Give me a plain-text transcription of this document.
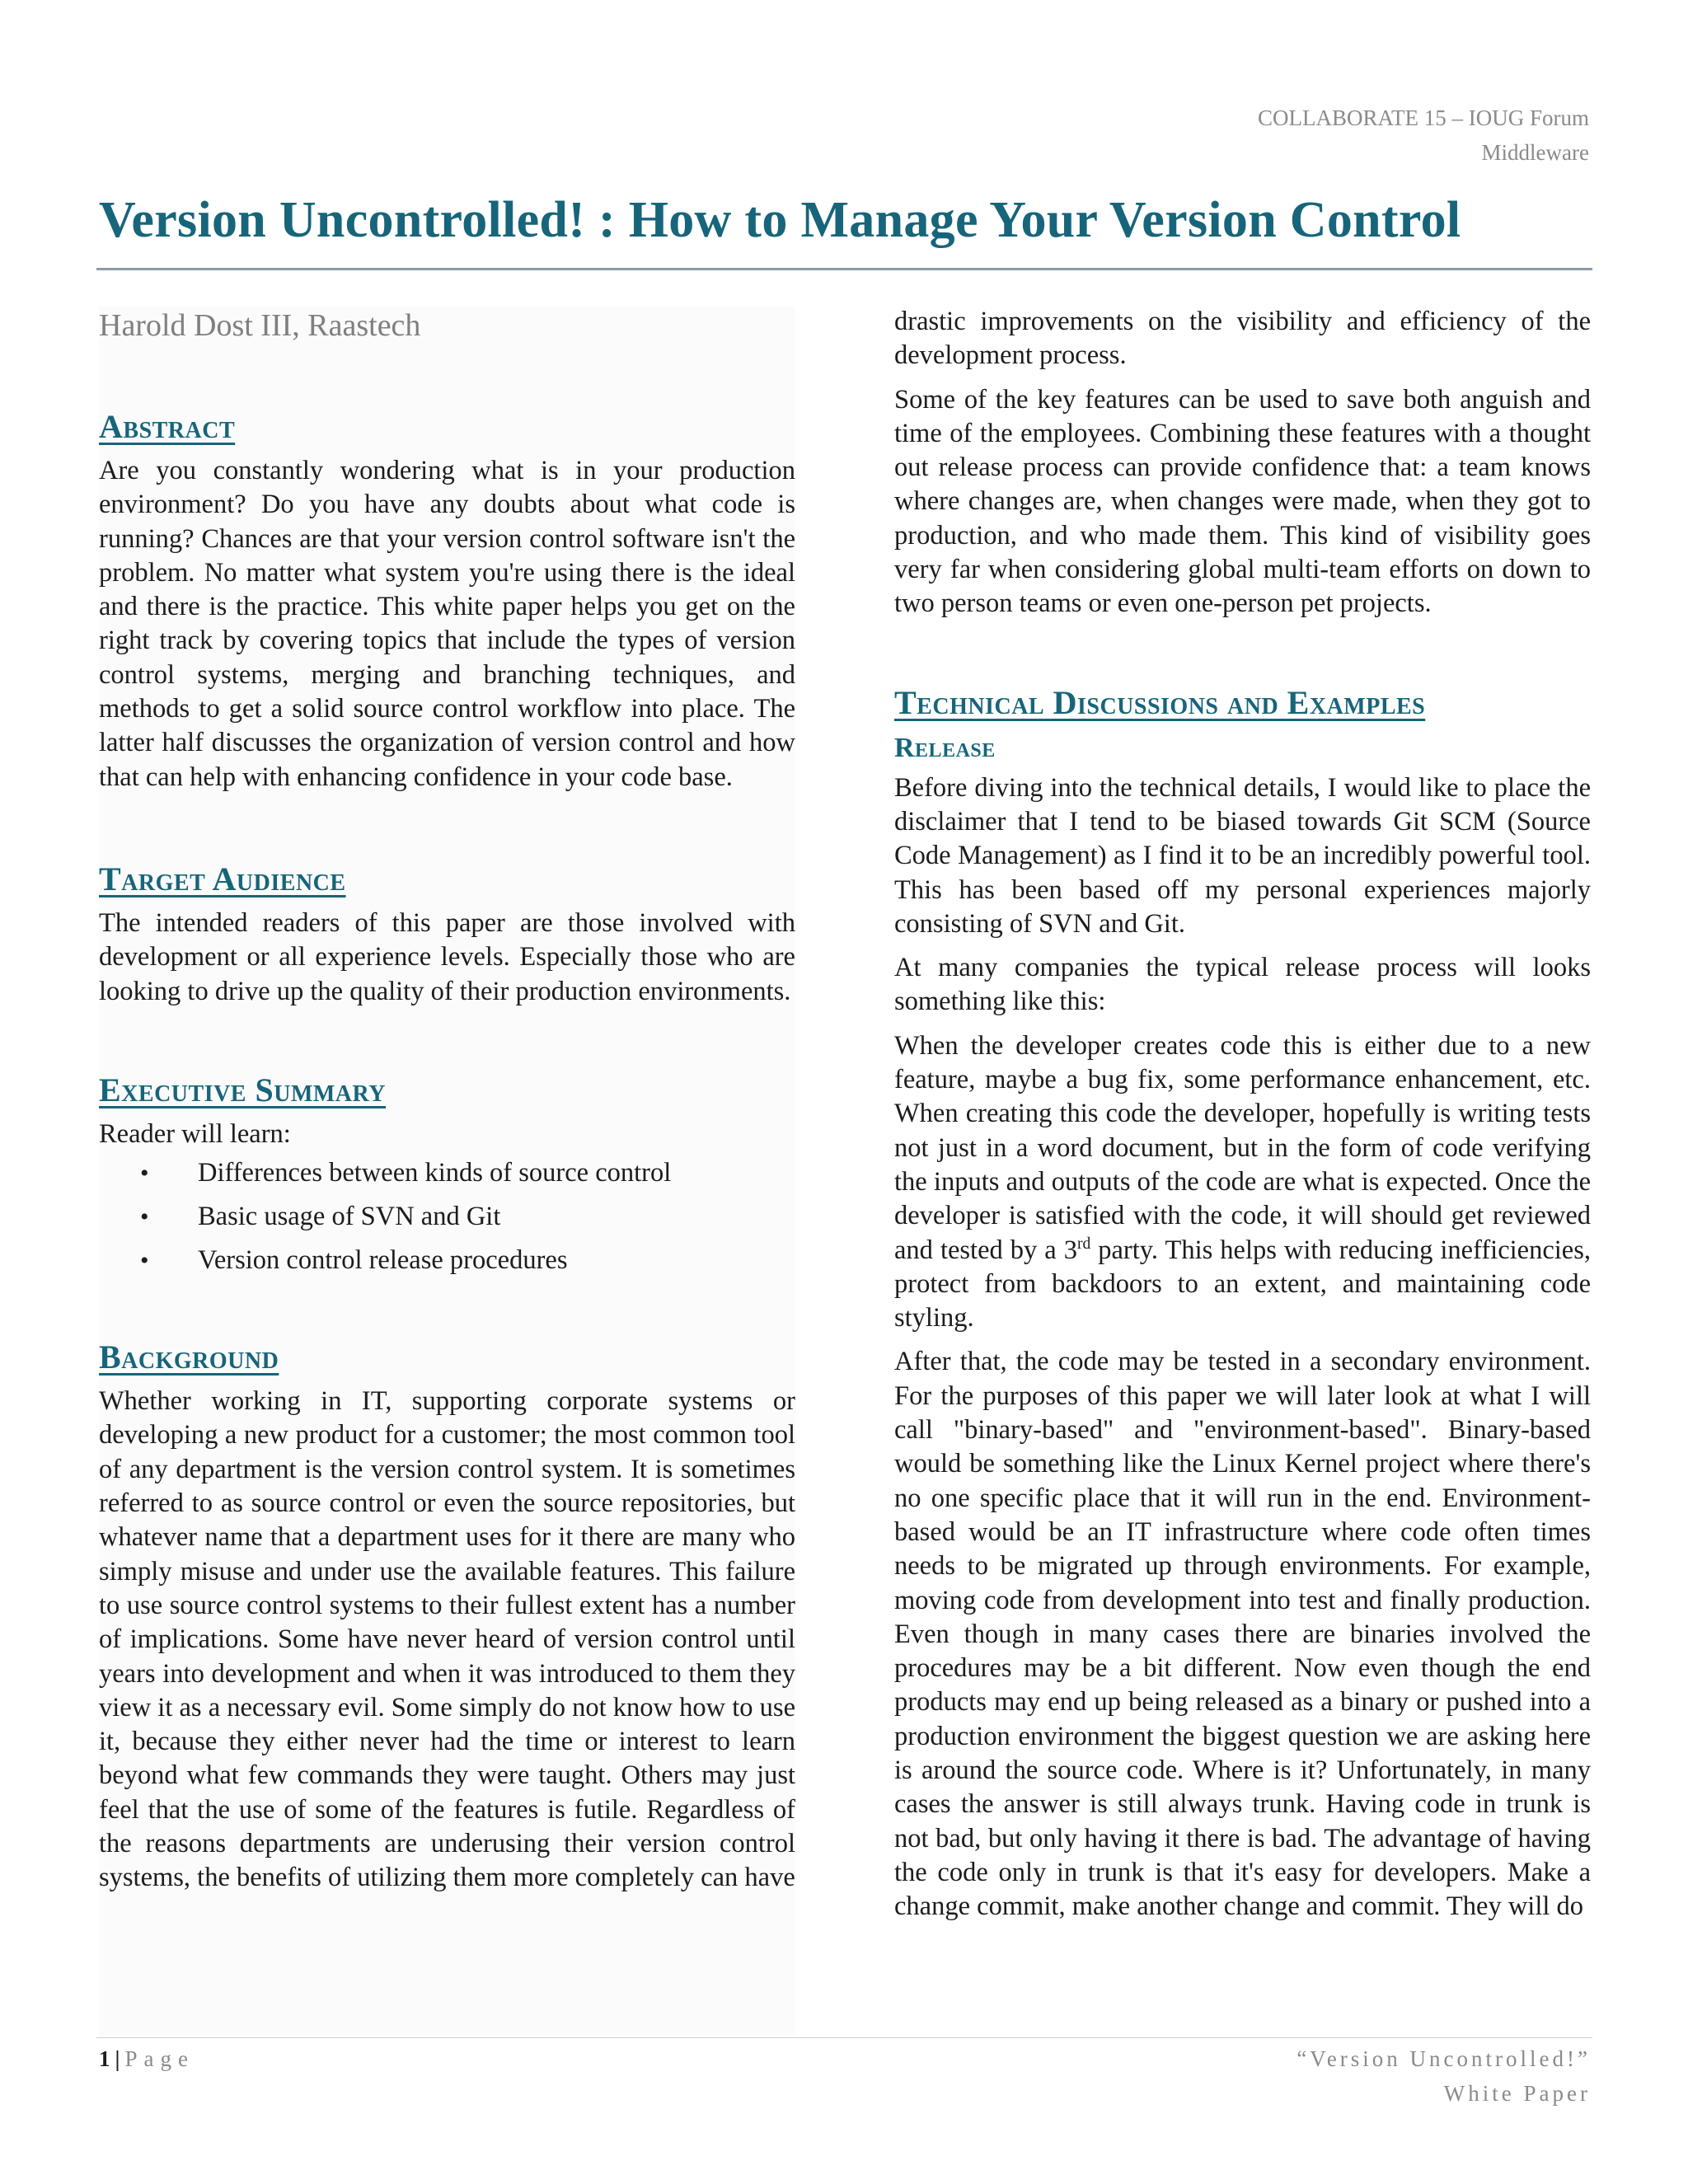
COLLABORATE 15 – IOUG Forum
Middleware
Version Uncontrolled! : How to Manage Your Version Control

Harold Dost III, Raastech

Abstract

Are you constantly wondering what is in your production environment? Do you have any doubts about what code is running? Chances are that your version control software isn't the problem. No matter what system you're using there is the ideal and there is the practice. This white paper helps you get on the right track by covering topics that include the types of version control systems, merging and branching techniques, and methods to get a solid source control workflow into place. The latter half discusses the organization of version control and how that can help with enhancing confidence in your code base.

Target Audience

The intended readers of this paper are those involved with development or all experience levels. Especially those who are looking to drive up the quality of their production environments.

Executive Summary

Reader will learn:

• Differences between kinds of source control
• Basic usage of SVN and Git
• Version control release procedures
Background

Whether working in IT, supporting corporate systems or developing a new product for a customer; the most common tool of any department is the version control system. It is sometimes referred to as source control or even the source repositories, but whatever name that a department uses for it there are many who simply misuse and under use the available features. This failure to use source control systems to their fullest extent has a number of implications. Some have never heard of version control until years into development and when it was introduced to them they view it as a necessary evil. Some simply do not know how to use it, because they either never had the time or interest to learn beyond what few commands they were taught. Others may just feel that the use of some of the features is futile. Regardless of the reasons departments are underusing their version control systems, the benefits of utilizing them more completely can have

drastic improvements on the visibility and efficiency of the development process.

Some of the key features can be used to save both anguish and time of the employees. Combining these features with a thought out release process can provide confidence that: a team knows where changes are, when changes were made, when they got to production, and who made them. This kind of visibility goes very far when considering global multi-team efforts on down to two person teams or even one-person pet projects.

Technical Discussions and Examples
Release

Before diving into the technical details, I would like to place the disclaimer that I tend to be biased towards Git SCM (Source Code Management) as I find it to be an incredibly powerful tool. This has been based off my personal experiences majorly consisting of SVN and Git.

At many companies the typical release process will looks something like this:

When the developer creates code this is either due to a new feature, maybe a bug fix, some performance enhancement, etc. When creating this code the developer, hopefully is writing tests not just in a word document, but in the form of code verifying the inputs and outputs of the code are what is expected. Once the developer is satisfied with the code, it will should get reviewed and tested by a 3rd party. This helps with reducing inefficiencies, protect from backdoors to an extent, and maintaining code styling.

After that, the code may be tested in a secondary environment. For the purposes of this paper we will later look at what I will call "binary-based" and "environment-based". Binary-based would be something like the Linux Kernel project where there's no one specific place that it will run in the end. Environment-based would be an IT infrastructure where code often times needs to be migrated up through environments. For example, moving code from development into test and finally production. Even though in many cases there are binaries involved the procedures may be a bit different. Now even though the end products may end up being released as a binary or pushed into a production environment the biggest question we are asking here is around the source code. Where is it? Unfortunately, in many cases the answer is still always trunk. Having code in trunk is not bad, but only having it there is bad. The advantage of having the code only in trunk is that it's easy for developers. Make a change commit, make another change and commit. They will do

1 | Page	“Version Uncontrolled!”
White Paper
